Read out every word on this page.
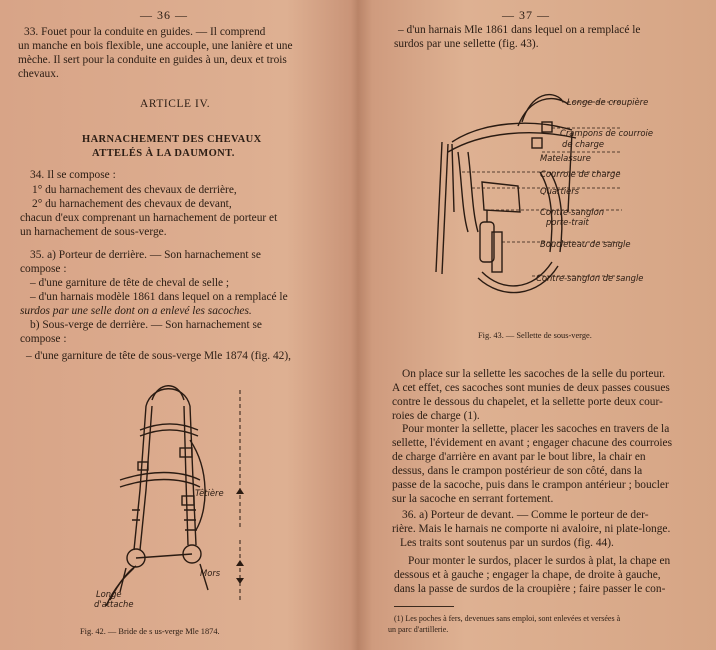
— 36 —
33. Fouet pour la conduite en guides. — Il comprend
un manche en bois flexible, une accouple, une lanière et une
mèche. Il sert pour la conduite en guides à un, deux et trois
chevaux.
ARTICLE IV.
HARNACHEMENT DES CHEVAUX
ATTELÉS À LA DAUMONT.
34. Il se compose :
1° du harnachement des chevaux de derrière,
2° du harnachement des chevaux de devant,
chacun d'eux comprenant un harnachement de porteur et
un harnachement de sous-verge.
35. a) Porteur de derrière. — Son harnachement se
compose :
– d'une garniture de tête de cheval de selle ;
– d'un harnais modèle 1861 dans lequel on a remplacé le
surdos par une selle dont on a enlevé les sacoches.
b) Sous-verge de derrière. — Son harnachement se
compose :
– d'une garniture de tête de sous-verge Mle 1874 (fig. 42),
Têtière
Mors
Longe
d'attache
Fig. 42. — Bride de s us-verge Mle 1874.
— 37 —
– d'un harnais Mle 1861 dans lequel on a remplacé le
surdos par une sellette (fig. 43).
Longe de croupière
Crampons de courroie
de charge
Matelassure
Courroie de charge
Quartiers
Contre-sanglon
porte-trait
Boucleteau de sangle
Contre-sanglon de sangle
Fig. 43. — Sellette de sous-verge.
On place sur la sellette les sacoches de la selle du porteur.
A cet effet, ces sacoches sont munies de deux passes cousues
contre le dessous du chapelet, et la sellette porte deux cour-
roies de charge (1).
Pour monter la sellette, placer les sacoches en travers de la
sellette, l'évidement en avant ; engager chacune des courroies
de charge d'arrière en avant par le bout libre, la chair en
dessus, dans le crampon postérieur de son côté, dans la
passe de la sacoche, puis dans le crampon antérieur ; boucler
sur la sacoche en serrant fortement.
36. a) Porteur de devant. — Comme le porteur de der-
rière. Mais le harnais ne comporte ni avaloire, ni plate-longe.
Les traits sont soutenus par un surdos (fig. 44).
Pour monter le surdos, placer le surdos à plat, la chape en
dessous et à gauche ; engager la chape, de droite à gauche,
dans la passe de surdos de la croupière ; faire passer le con-
(1) Les poches à fers, devenues sans emploi, sont enlevées et versées à
un parc d'artillerie.
